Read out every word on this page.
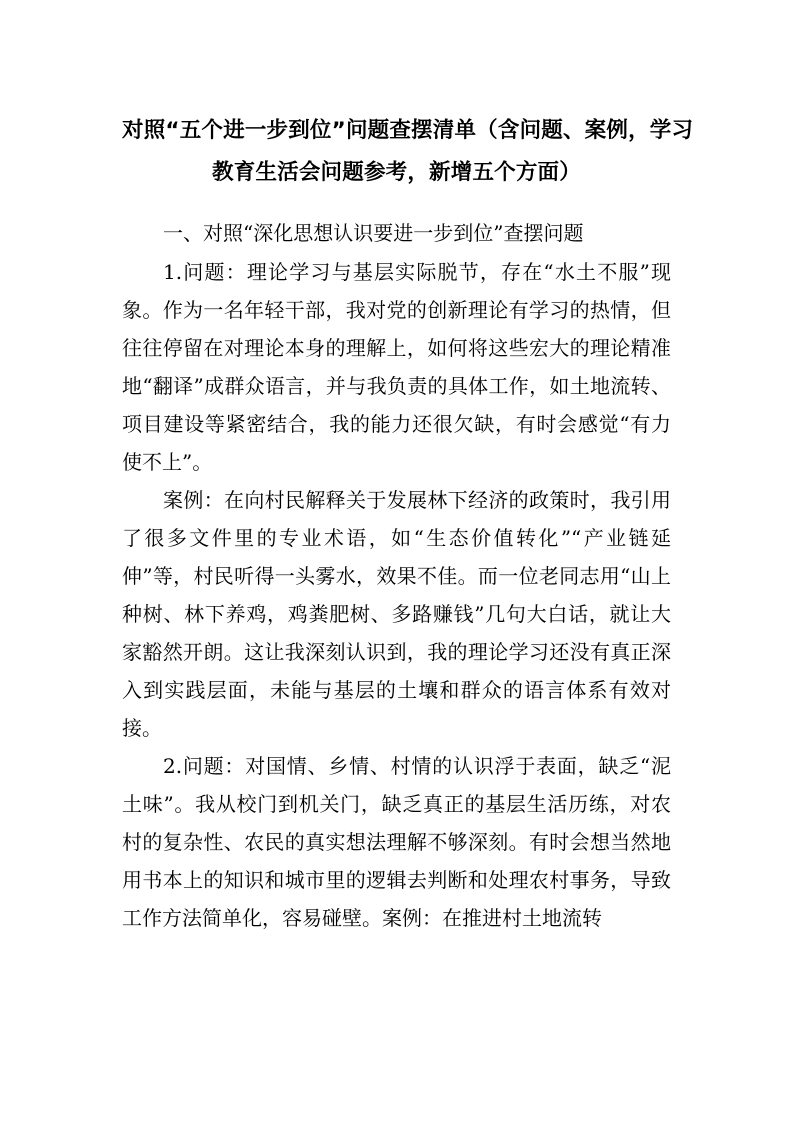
对照“五个进一步到位”问题查摆清单（含问题、案例，学习
教育生活会问题参考，新增五个方面）

一、对照“深化思想认识要进一步到位”查摆问题

1.问题：理论学习与基层实际脱节，存在“水土不服”现象。作为一名年轻干部，我对党的创新理论有学习的热情，但往往停留在对理论本身的理解上，如何将这些宏大的理论精准地“翻译”成群众语言，并与我负责的具体工作，如土地流转、项目建设等紧密结合，我的能力还很欠缺，有时会感觉“有力使不上”。

案例：在向村民解释关于发展林下经济的政策时，我引用了很多文件里的专业术语，如“生态价值转化”“产业链延伸”等，村民听得一头雾水，效果不佳。而一位老同志用“山上种树、林下养鸡，鸡粪肥树、多路赚钱”几句大白话，就让大家豁然开朗。这让我深刻认识到，我的理论学习还没有真正深入到实践层面，未能与基层的土壤和群众的语言体系有效对接。

2.问题：对国情、乡情、村情的认识浮于表面，缺乏“泥土味”。我从校门到机关门，缺乏真正的基层生活历练，对农村的复杂性、农民的真实想法理解不够深刻。有时会想当然地用书本上的知识和城市里的逻辑去判断和处理农村事务，导致工作方法简单化，容易碰壁。案例：在推进村土地流转
